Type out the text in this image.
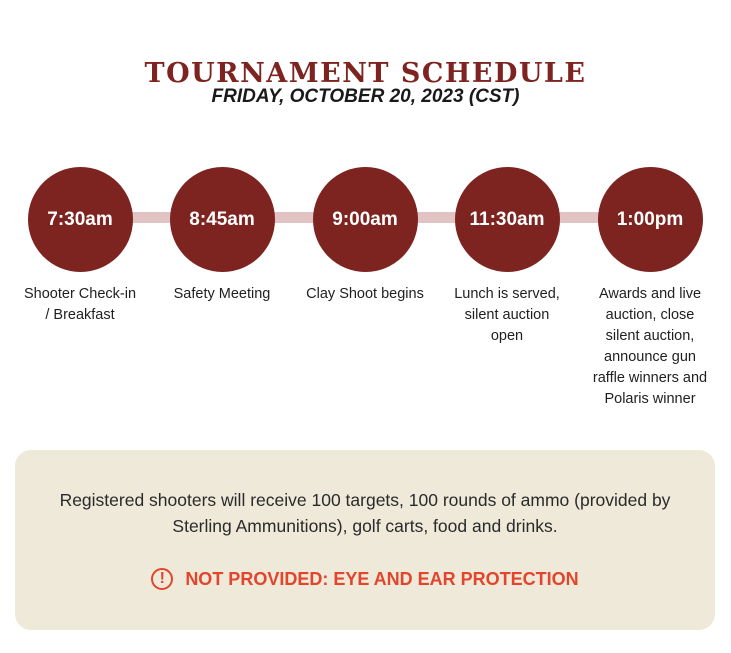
TOURNAMENT SCHEDULE
FRIDAY, OCTOBER 20, 2023 (CST)
7:30am
Shooter Check-in / Breakfast
8:45am
Safety Meeting
9:00am
Clay Shoot begins
11:30am
Lunch is served, silent auction open
1:00pm
Awards and live auction, close silent auction, announce gun raffle winners and Polaris winner
Registered shooters will receive 100 targets, 100 rounds of ammo (provided by Sterling Ammunitions), golf carts, food and drinks.
!	NOT PROVIDED: EYE AND EAR PROTECTION
